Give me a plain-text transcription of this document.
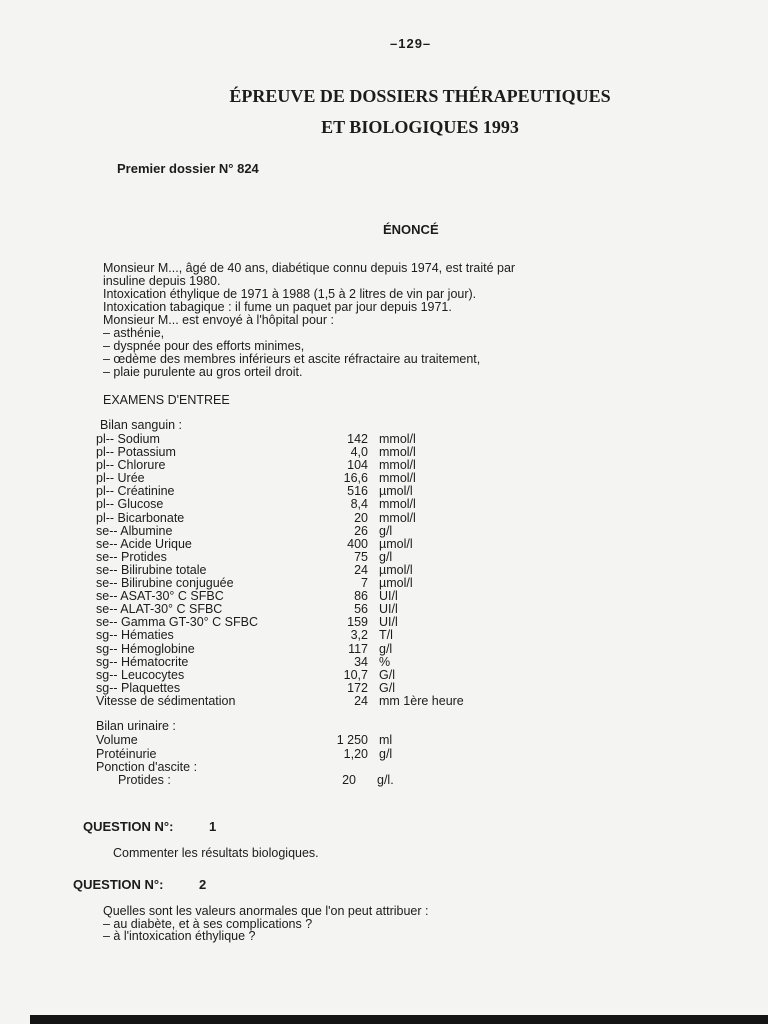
–129–
ÉPREUVE DE DOSSIERS THÉRAPEUTIQUES
ET BIOLOGIQUES 1993
Premier dossier N° 824
ÉNONCÉ
Monsieur M..., âgé de 40 ans, diabétique connu depuis 1974, est traité par
insuline depuis 1980.
Intoxication éthylique de 1971 à 1988 (1,5 à 2 litres de vin par jour).
Intoxication tabagique : il fume un paquet par jour depuis 1971.
Monsieur M... est envoyé à l'hôpital pour :
– asthénie,
– dyspnée pour des efforts minimes,
– œdème des membres inférieurs et ascite réfractaire au traitement,
– plaie purulente au gros orteil droit.
EXAMENS D'ENTREE
Bilan sanguin :
pl-- Sodium	142 mmol/l
pl-- Potassium	4,0 mmol/l
pl-- Chlorure	104 mmol/l
pl-- Urée	16,6 mmol/l
pl-- Créatinine	516 µmol/l
pl-- Glucose	8,4 mmol/l
pl-- Bicarbonate	20 mmol/l
se-- Albumine	26 g/l
se-- Acide Urique	400 µmol/l
se-- Protides	75 g/l
se-- Bilirubine totale	24 µmol/l
se-- Bilirubine conjuguée	7 µmol/l
se-- ASAT-30° C SFBC	86 UI/l
se-- ALAT-30° C SFBC	56 UI/l
se-- Gamma GT-30° C SFBC	159 UI/l
sg-- Hématies	3,2 T/l
sg-- Hémoglobine	117 g/l
sg-- Hématocrite	34 %
sg-- Leucocytes	10,7 G/l
sg-- Plaquettes	172 G/l
Vitesse de sédimentation	24 mm 1ère heure
Bilan urinaire :
Volume	1 250 ml
Protéinurie	1,20 g/l
Ponction d'ascite :
Protides :	20 g/l.
QUESTION N°:	1
Commenter les résultats biologiques.
QUESTION N°:	2
Quelles sont les valeurs anormales que l'on peut attribuer :
– au diabète, et à ses complications ?
– à l'intoxication éthylique ?
